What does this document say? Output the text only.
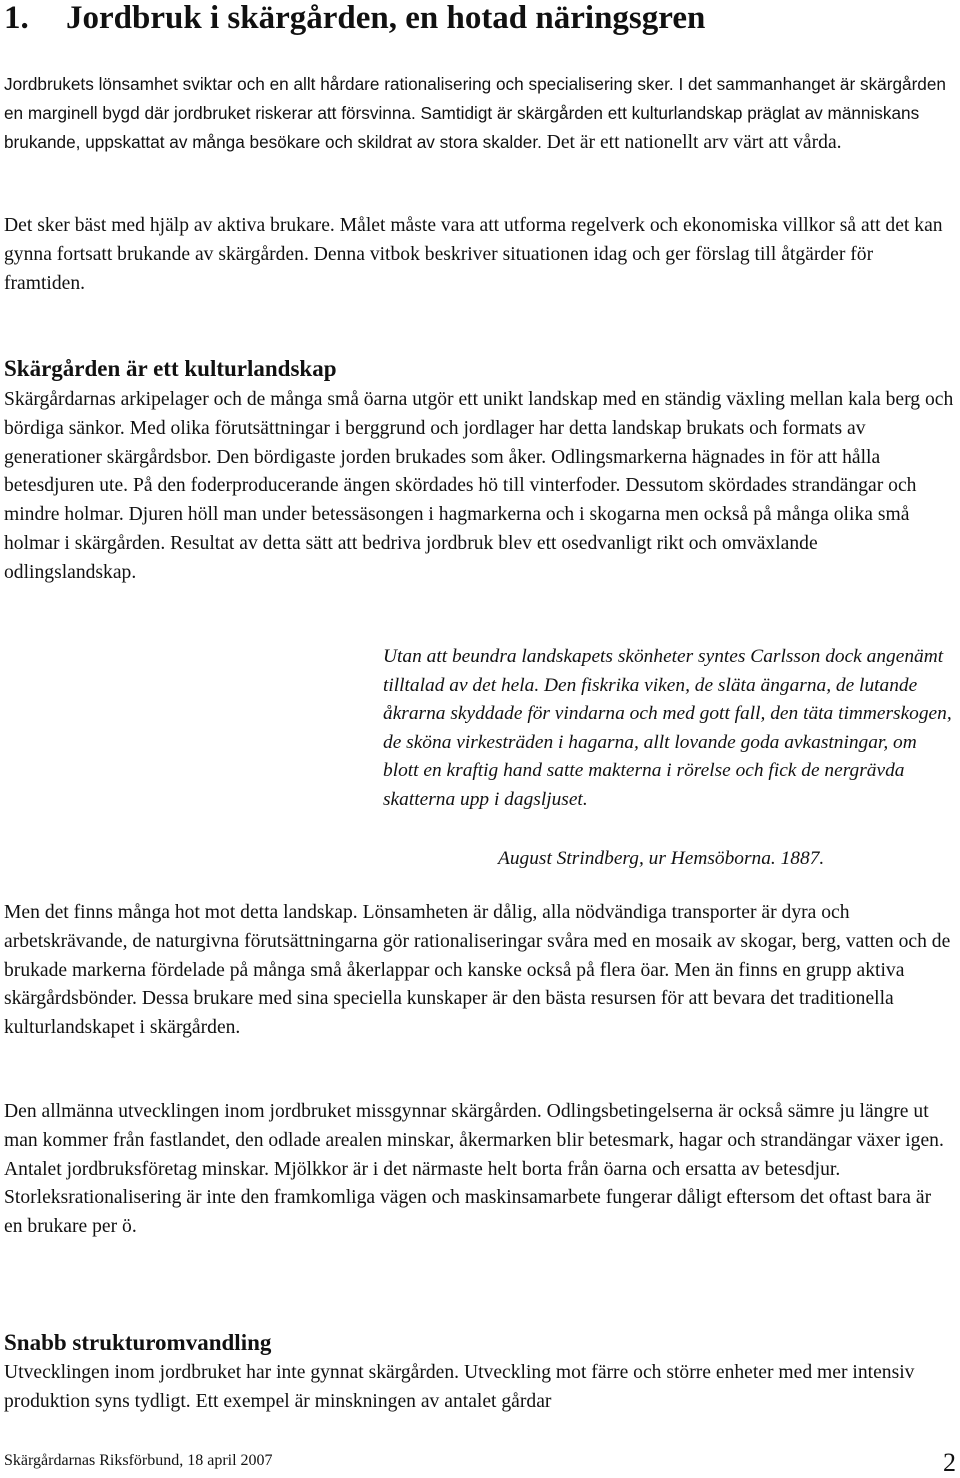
1. Jordbruk i skärgården, en hotad näringsgren

Jordbrukets lönsamhet sviktar och en allt hårdare rationalisering och specialisering sker. I det sammanhanget är skärgården en marginell bygd där jordbruket riskerar att försvinna. Samtidigt är skärgården ett kulturlandskap präglat av människans brukande, uppskattat av många besökare och skildrat av stora skalder. Det är ett nationellt arv värt att vårda.

Det sker bäst med hjälp av aktiva brukare. Målet måste vara att utforma regelverk och ekonomiska villkor så att det kan gynna fortsatt brukande av skärgården. Denna vitbok beskriver situationen idag och ger förslag till åtgärder för framtiden.

Skärgården är ett kulturlandskap

Skärgårdarnas arkipelager och de många små öarna utgör ett unikt landskap med en ständig växling mellan kala berg och bördiga sänkor. Med olika förutsättningar i berggrund och jordlager har detta landskap brukats och formats av generationer skärgårdsbor. Den bördigaste jorden brukades som åker. Odlingsmarkerna hägnades in för att hålla betesdjuren ute. På den foderproducerande ängen skördades hö till vinterfoder. Dessutom skördades strandängar och mindre holmar. Djuren höll man under betessäsongen i hagmarkerna och i skogarna men också på många olika små holmar i skärgården. Resultat av detta sätt att bedriva jordbruk blev ett osedvanligt rikt och omväxlande odlingslandskap.

Utan att beundra landskapets skönheter syntes Carlsson dock angenämt tilltalad av det hela. Den fiskrika viken, de släta ängarna, de lutande åkrarna skyddade för vindarna och med gott fall, den täta timmerskogen, de sköna virkesträden i hagarna, allt lovande goda avkastningar, om blott en kraftig hand satte makterna i rörelse och fick de nergrävda skatterna upp i dagsljuset.

August Strindberg, ur Hemsöborna. 1887.

Men det finns många hot mot detta landskap. Lönsamheten är dålig, alla nödvändiga transporter är dyra och arbetskrävande, de naturgivna förutsättningarna gör rationaliseringar svåra med en mosaik av skogar, berg, vatten och de brukade markerna fördelade på många små åkerlappar och kanske också på flera öar. Men än finns en grupp aktiva skärgårdsbönder. Dessa brukare med sina speciella kunskaper är den bästa resursen för att bevara det traditionella kulturlandskapet i skärgården.

Den allmänna utvecklingen inom jordbruket missgynnar skärgården. Odlingsbetingelserna är också sämre ju längre ut man kommer från fastlandet, den odlade arealen minskar, åkermarken blir betesmark, hagar och strandängar växer igen. Antalet jordbruksföretag minskar. Mjölkkor är i det närmaste helt borta från öarna och ersatta av betesdjur. Storleksrationalisering är inte den framkomliga vägen och maskinsamarbete fungerar dåligt eftersom det oftast bara är en brukare per ö.

Snabb strukturomvandling

Utvecklingen inom jordbruket har inte gynnat skärgården. Utveckling mot färre och större enheter med mer intensiv produktion syns tydligt. Ett exempel är minskningen av antalet gårdar

Skärgårdarnas Riksförbund, 18 april 2007	2
